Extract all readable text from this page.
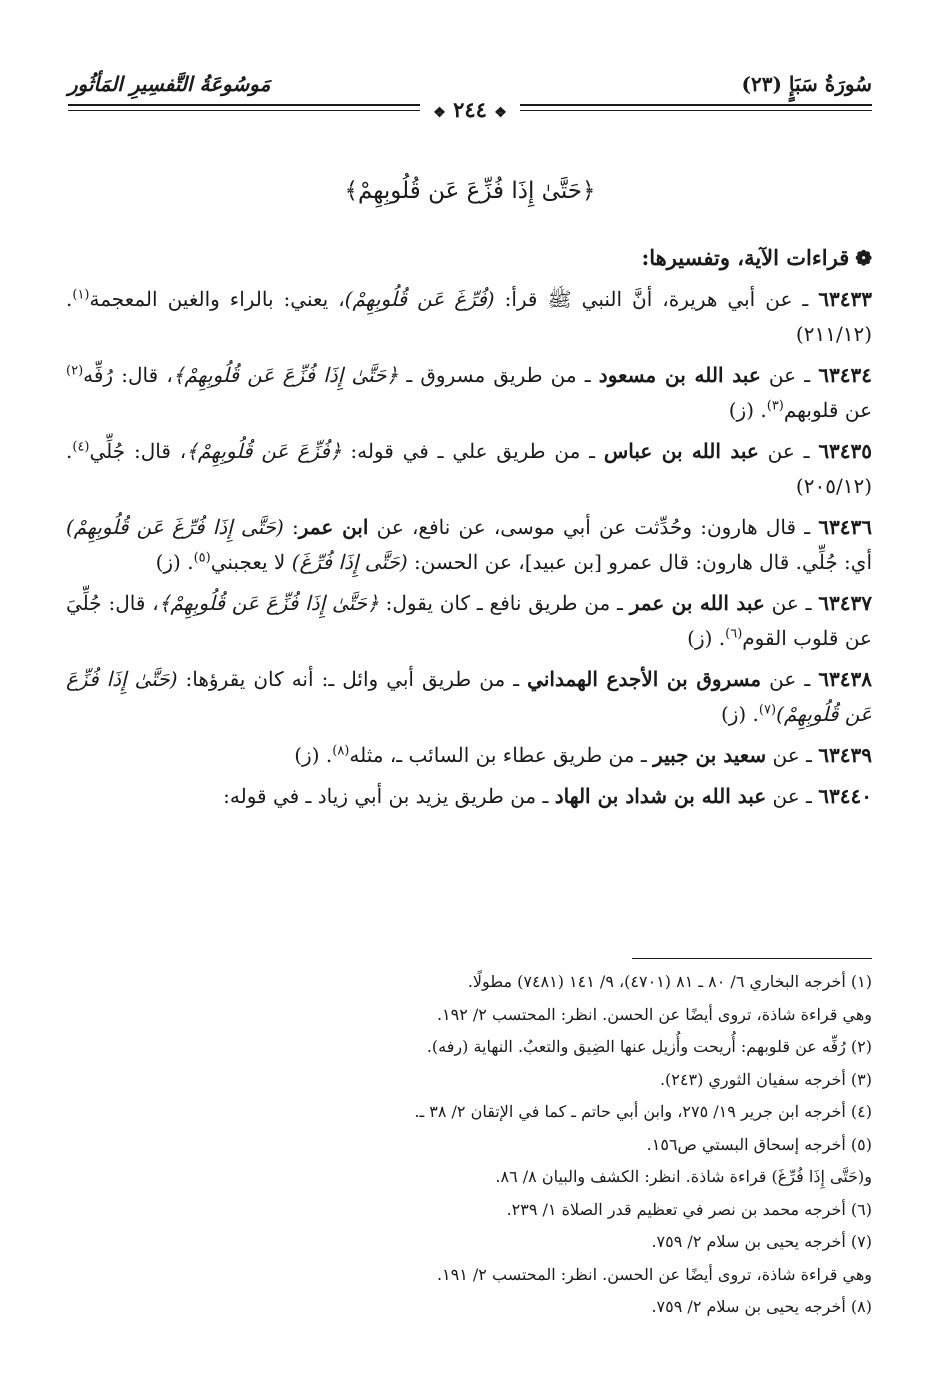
سُورَةُ سَبَإٍ (٢٣)
مَوسُوعَةُ التَّفسِيرِ المَأثُور
❖ ٢٤٤ ❖
﴿حَتَّىٰ إِذَا فُزِّعَ عَن قُلُوبِهِمْ﴾
❁قراءات الآية، وتفسيرها:
٦٣٤٣٣ ـ عن أبي هريرة، أنَّ النبي ﷺ قرأ: (فُرِّغَ عَن قُلُوبِهِمْ)، يعني: بالراء والغين المعجمة$^{(١)}$. (٢١١/١٢)
٦٣٤٣٤ ـ عن عبد الله بن مسعود ـ من طريق مسروق ـ ﴿حَتَّىٰ إِذَا فُزِّعَ عَن قُلُوبِهِمْ﴾، قال: رُفِّه$^{(٢)}$ عن قلوبهم$^{(٣)}$. (ز)
٦٣٤٣٥ ـ عن عبد الله بن عباس ـ من طريق علي ـ في قوله: ﴿فُزِّعَ عَن قُلُوبِهِمْ﴾، قال: جُلِّي$^{(٤)}$. (٢٠٥/١٢)
٦٣٤٣٦ ـ قال هارون: وحُدِّثت عن أبي موسى، عن نافع، عن ابن عمر: (حَتَّى إِذَا فُرِّغَ عَن قُلُوبِهِمْ) أي: جُلِّي. قال هارون: قال عمرو [بن عبيد]، عن الحسن: (حَتَّى إِذَا فُرِّغَ) لا يعجبني$^{(٥)}$. (ز)
٦٣٤٣٧ ـ عن عبد الله بن عمر ـ من طريق نافع ـ كان يقول: ﴿حَتَّىٰ إِذَا فُزِّعَ عَن قُلُوبِهِمْ﴾، قال: جُلِّيَ عن قلوب القوم$^{(٦)}$. (ز)
٦٣٤٣٨ ـ عن مسروق بن الأجدع الهمداني ـ من طريق أبي وائل ـ: أنه كان يقرؤها: (حَتَّىٰ إِذَا فُزِّعَ عَن قُلُوبِهِمْ)$^{(٧)}$. (ز)
٦٣٤٣٩ ـ عن سعيد بن جبير ـ من طريق عطاء بن السائب ـ، مثله$^{(٨)}$. (ز)
٦٣٤٤٠ ـ عن عبد الله بن شداد بن الهاد ـ من طريق يزيد بن أبي زياد ـ في قوله:
(١) أخرجه البخاري ٦/ ٨٠ ـ ٨١ (٤٧٠١)، ٩/ ١٤١ (٧٤٨١) مطولًا.
وهي قراءة شاذة، تروى أيضًا عن الحسن. انظر: المحتسب ٢/ ١٩٢.
(٢) رُفِّه عن قلوبهم: أُريحت وأُزيل عنها الضِيق والتعبُ. النهاية (رفه).
(٣) أخرجه سفيان الثوري (٢٤٣).
(٤) أخرجه ابن جرير ١٩/ ٢٧٥، وابن أبي حاتم ـ كما في الإتقان ٢/ ٣٨ ـ.
(٥) أخرجه إسحاق البستي ص١٥٦.
و(حَتَّى إِذَا فُرِّغَ) قراءة شاذة. انظر: الكشف والبيان ٨/ ٨٦.
(٦) أخرجه محمد بن نصر في تعظيم قدر الصلاة ١/ ٢٣٩.
(٧) أخرجه يحيى بن سلام ٢/ ٧٥٩.
وهي قراءة شاذة، تروى أيضًا عن الحسن. انظر: المحتسب ٢/ ١٩١.
(٨) أخرجه يحيى بن سلام ٢/ ٧٥٩.
